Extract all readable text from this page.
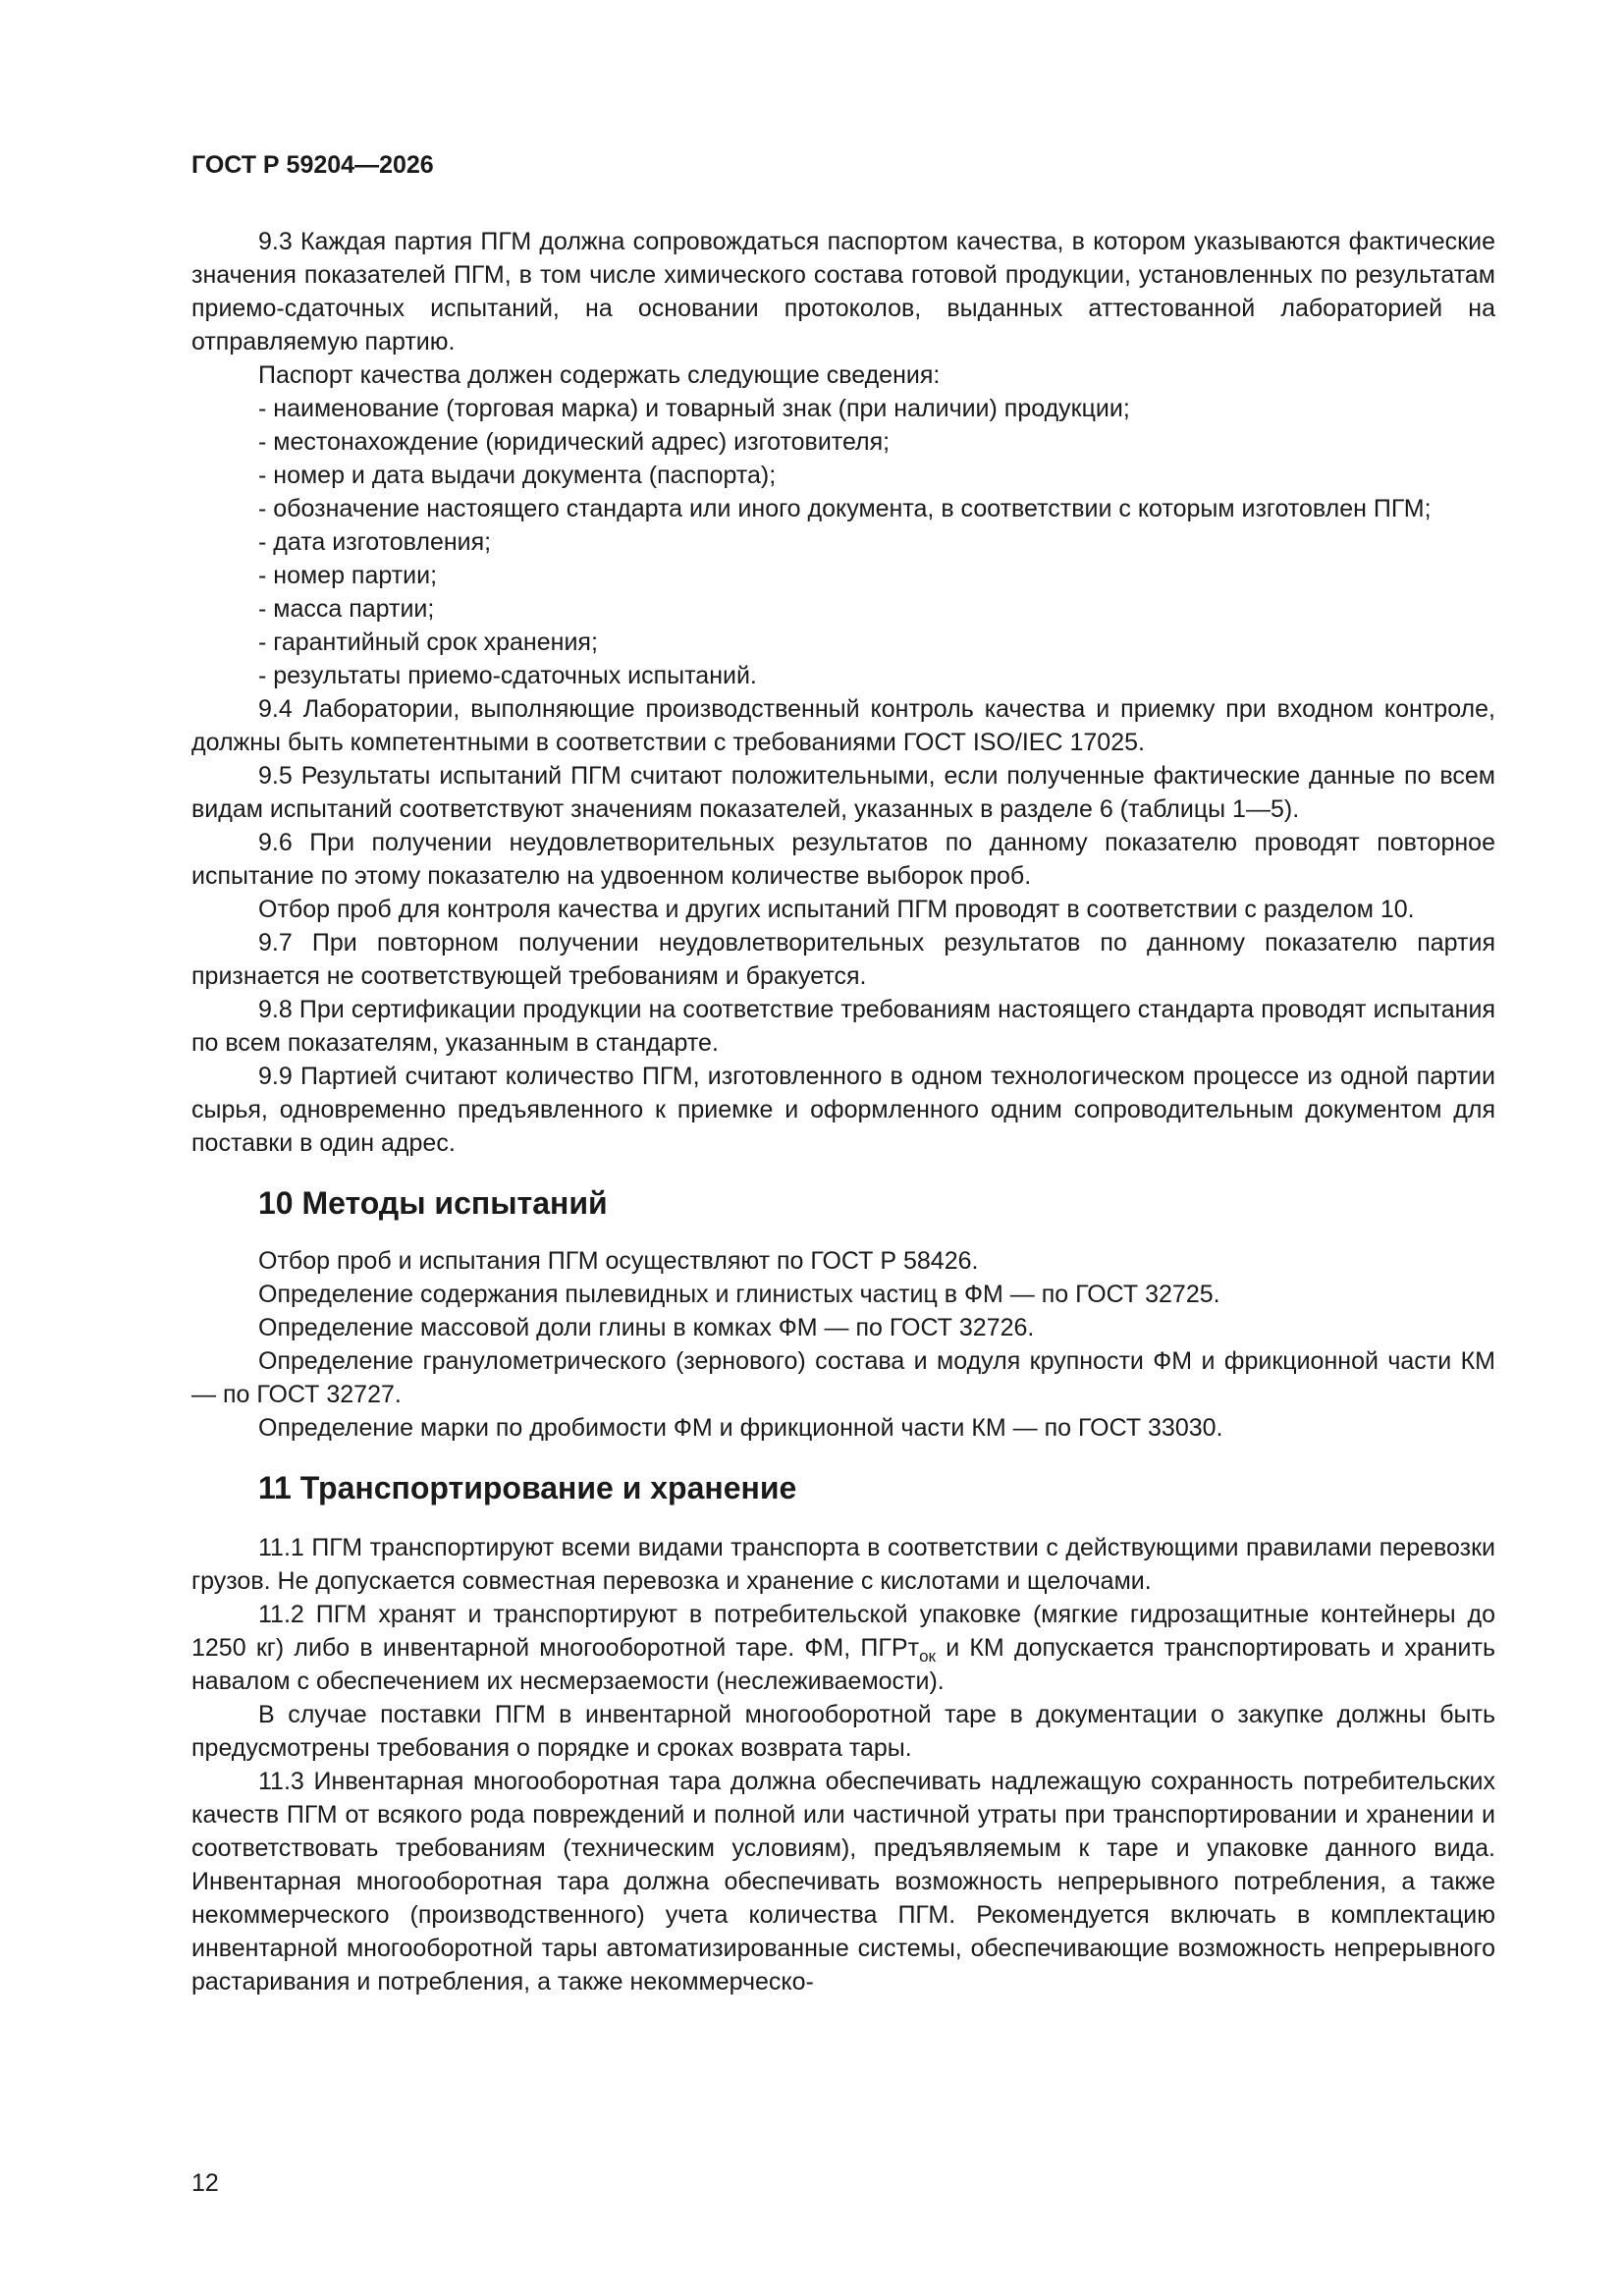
ГОСТ Р 59204—2026

9.3 Каждая партия ПГМ должна сопровождаться паспортом качества, в котором указываются фактические значения показателей ПГМ, в том числе химического состава готовой продукции, установленных по результатам приемо-сдаточных испытаний, на основании протоколов, выданных аттестованной лабораторией на отправляемую партию.

Паспорт качества должен содержать следующие сведения:

- наименование (торговая марка) и товарный знак (при наличии) продукции;

- местонахождение (юридический адрес) изготовителя;

- номер и дата выдачи документа (паспорта);

- обозначение настоящего стандарта или иного документа, в соответствии с которым изготовлен ПГМ;

- дата изготовления;

- номер партии;

- масса партии;

- гарантийный срок хранения;

- результаты приемо-сдаточных испытаний.

9.4 Лаборатории, выполняющие производственный контроль качества и приемку при входном контроле, должны быть компетентными в соответствии с требованиями ГОСТ ISO/IEC 17025.

9.5 Результаты испытаний ПГМ считают положительными, если полученные фактические данные по всем видам испытаний соответствуют значениям показателей, указанных в разделе 6 (таблицы 1—5).

9.6 При получении неудовлетворительных результатов по данному показателю проводят повторное испытание по этому показателю на удвоенном количестве выборок проб.

Отбор проб для контроля качества и других испытаний ПГМ проводят в соответствии с разделом 10.

9.7 При повторном получении неудовлетворительных результатов по данному показателю партия признается не соответствующей требованиям и бракуется.

9.8 При сертификации продукции на соответствие требованиям настоящего стандарта проводят испытания по всем показателям, указанным в стандарте.

9.9 Партией считают количество ПГМ, изготовленного в одном технологическом процессе из одной партии сырья, одновременно предъявленного к приемке и оформленного одним сопроводительным документом для поставки в один адрес.

10 Методы испытаний

Отбор проб и испытания ПГМ осуществляют по ГОСТ Р 58426.

Определение содержания пылевидных и глинистых частиц в ФМ — по ГОСТ 32725.

Определение массовой доли глины в комках ФМ — по ГОСТ 32726.

Определение гранулометрического (зернового) состава и модуля крупности ФМ и фрикционной части КМ — по ГОСТ 32727.

Определение марки по дробимости ФМ и фрикционной части КМ — по ГОСТ 33030.

11 Транспортирование и хранение

11.1 ПГМ транспортируют всеми видами транспорта в соответствии с действующими правилами перевозки грузов. Не допускается совместная перевозка и хранение с кислотами и щелочами.

11.2 ПГМ хранят и транспортируют в потребительской упаковке (мягкие гидрозащитные контейнеры до 1250 кг) либо в инвентарной многооборотной таре. ФМ, ПГРт$_{ок}$ и КМ допускается транспортировать и хранить навалом с обеспечением их несмерзаемости (неслеживаемости).

В случае поставки ПГМ в инвентарной многооборотной таре в документации о закупке должны быть предусмотрены требования о порядке и сроках возврата тары.

11.3 Инвентарная многооборотная тара должна обеспечивать надлежащую сохранность потребительских качеств ПГМ от всякого рода повреждений и полной или частичной утраты при транспортировании и хранении и соответствовать требованиям (техническим условиям), предъявляемым к таре и упаковке данного вида. Инвентарная многооборотная тара должна обеспечивать возможность непрерывного потребления, а также некоммерческого (производственного) учета количества ПГМ. Рекомендуется включать в комплектацию инвентарной многооборотной тары автоматизированные системы, обеспечивающие возможность непрерывного растаривания и потребления, а также некоммерческо-

12
